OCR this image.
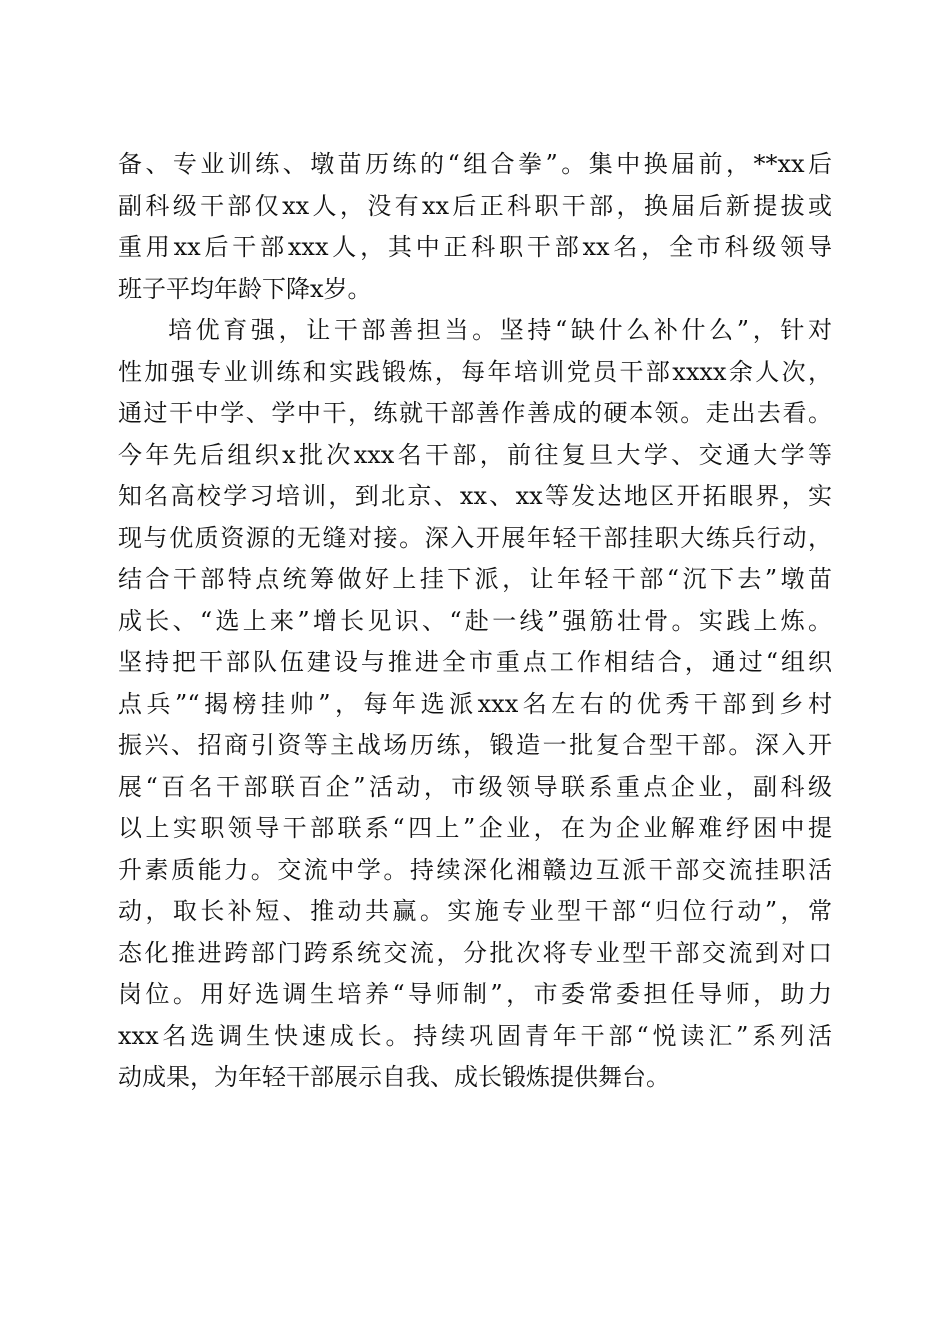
备、专业训练、墩苗历练的“组合拳”。集中换届前，**xx后
副科级干部仅xx人，没有xx后正科职干部，换届后新提拔或
重用xx后干部xxx人，其中正科职干部xx名，全市科级领导
班子平均年龄下降x岁。
培优育强，让干部善担当。坚持“缺什么补什么”，针对
性加强专业训练和实践锻炼，每年培训党员干部xxxx余人次，
通过干中学、学中干，练就干部善作善成的硬本领。走出去看。
今年先后组织x批次xxx名干部，前往复旦大学、交通大学等
知名高校学习培训，到北京、xx、xx等发达地区开拓眼界，实
现与优质资源的无缝对接。深入开展年轻干部挂职大练兵行动，
结合干部特点统筹做好上挂下派，让年轻干部“沉下去”墩苗
成长、“选上来”增长见识、“赴一线”强筋壮骨。实践上炼。
坚持把干部队伍建设与推进全市重点工作相结合，通过“组织
点兵”“揭榜挂帅”，每年选派xxx名左右的优秀干部到乡村
振兴、招商引资等主战场历练，锻造一批复合型干部。深入开
展“百名干部联百企”活动，市级领导联系重点企业，副科级
以上实职领导干部联系“四上”企业，在为企业解难纾困中提
升素质能力。交流中学。持续深化湘赣边互派干部交流挂职活
动，取长补短、推动共赢。实施专业型干部“归位行动”，常
态化推进跨部门跨系统交流，分批次将专业型干部交流到对口
岗位。用好选调生培养“导师制”，市委常委担任导师，助力
xxx名选调生快速成长。持续巩固青年干部“悦读汇”系列活
动成果，为年轻干部展示自我、成长锻炼提供舞台。
